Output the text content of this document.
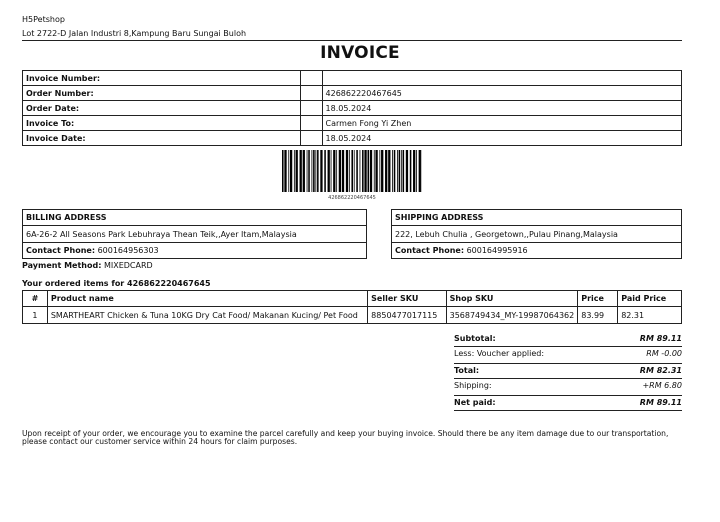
H5Petshop
Lot 2722-D Jalan Industri 8,Kampung Baru Sungai Buloh
INVOICE
Invoice Number:		
Order Number:		426862220467645
Order Date:		18.05.2024
Invoice To:		Carmen Fong Yi Zhen
Invoice Date:		18.05.2024
426862220467645
BILLING ADDRESS
6A-26-2 All Seasons Park Lebuhraya Thean Teik,,Ayer Itam,Malaysia
Contact Phone: 600164956303
SHIPPING ADDRESS
222, Lebuh Chulia , Georgetown,,Pulau Pinang,Malaysia
Contact Phone: 600164995916
Payment Method: MIXEDCARD
Your ordered items for 426862220467645
#	Product name	Seller SKU	Shop SKU	Price	Paid Price
1	SMARTHEART Chicken & Tuna 10KG Dry Cat Food/ Makanan Kucing/ Pet Food	8850477017115	3568749434_MY-19987064362	83.99	82.31
Subtotal:	RM 89.11
Less: Voucher applied:	RM -0.00
Total:	RM 82.31
Shipping:	+RM 6.80
Net paid:	RM 89.11
Upon receipt of your order, we encourage you to examine the parcel carefully and keep your buying invoice. Should there be any item damage due to our transportation, please contact our customer service within 24 hours for claim purposes.
